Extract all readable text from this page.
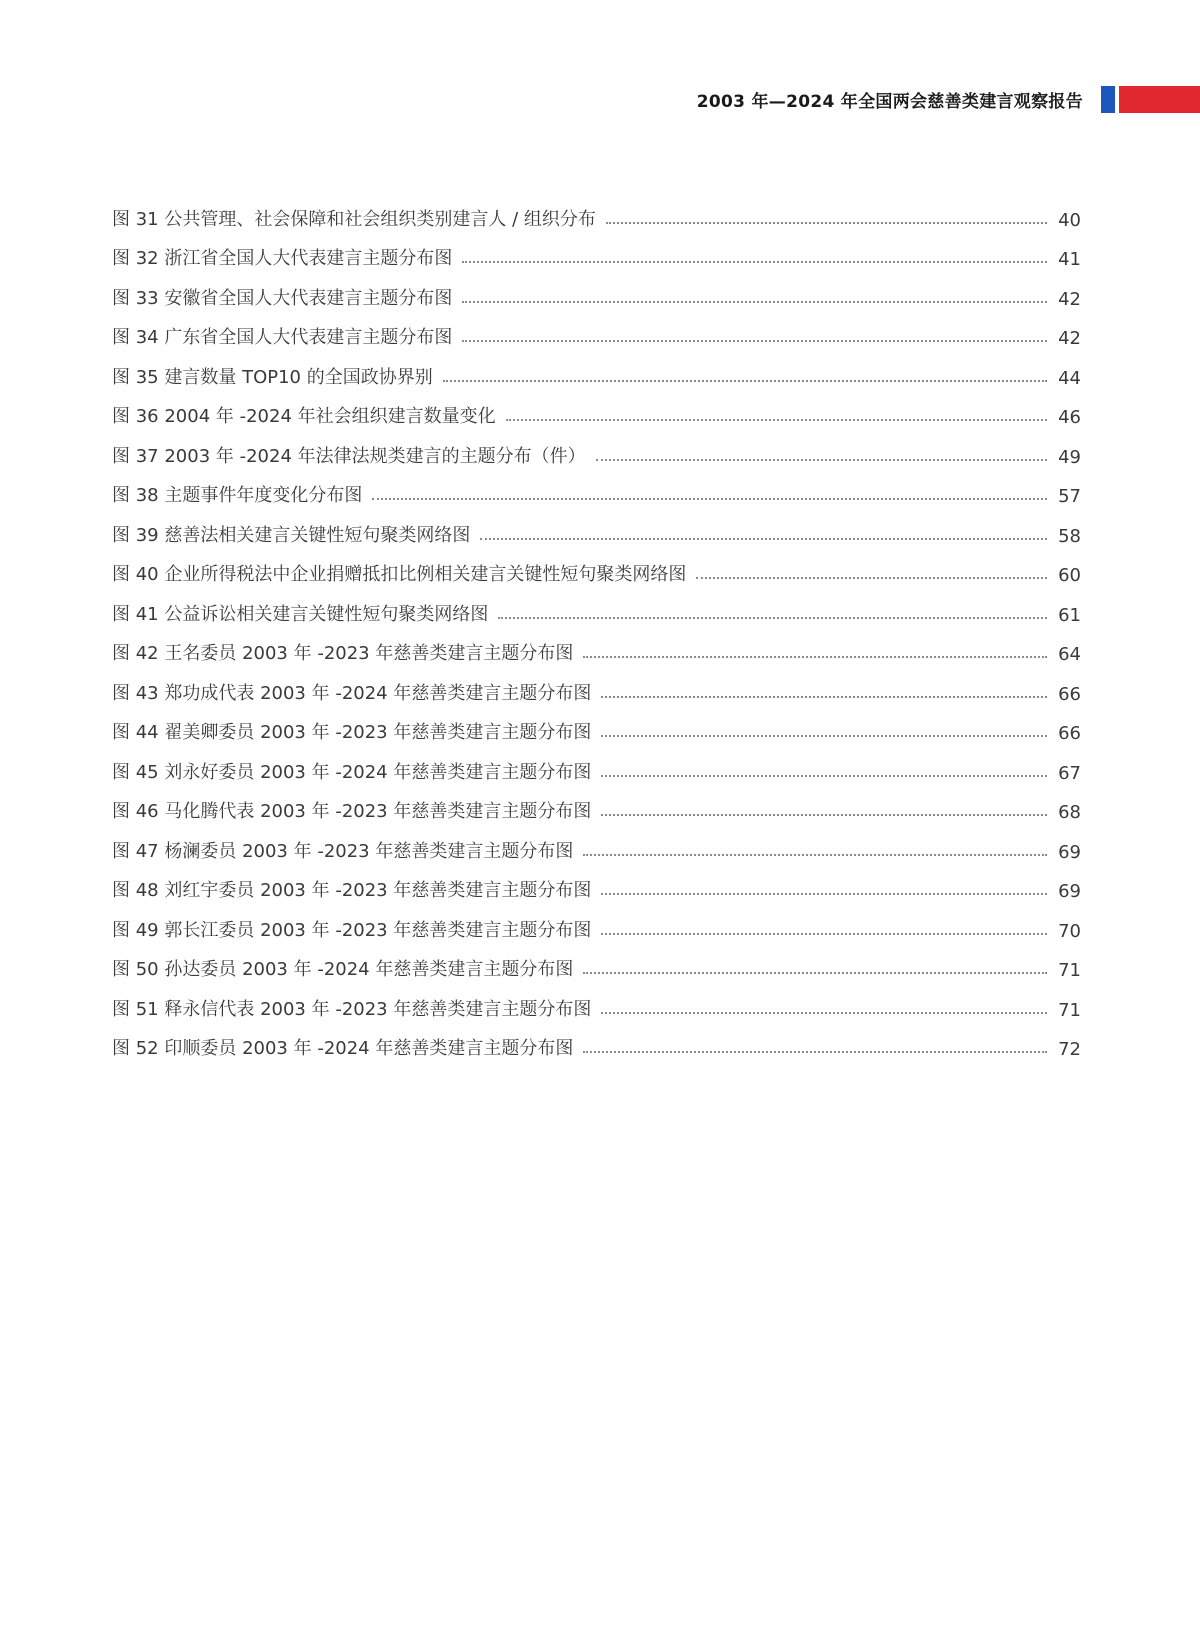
2003 年—2024 年全国两会慈善类建言观察报告
图 31 公共管理、社会保障和社会组织类别建言人 / 组织分布	40
图 32 浙江省全国人大代表建言主题分布图	41
图 33 安徽省全国人大代表建言主题分布图	42
图 34 广东省全国人大代表建言主题分布图	42
图 35 建言数量 TOP10 的全国政协界别	44
图 36 2004 年 -2024 年社会组织建言数量变化	46
图 37 2003 年 -2024 年法律法规类建言的主题分布（件）	49
图 38 主题事件年度变化分布图	57
图 39 慈善法相关建言关键性短句聚类网络图	58
图 40 企业所得税法中企业捐赠抵扣比例相关建言关键性短句聚类网络图	60
图 41 公益诉讼相关建言关键性短句聚类网络图	61
图 42 王名委员 2003 年 -2023 年慈善类建言主题分布图	64
图 43 郑功成代表 2003 年 -2024 年慈善类建言主题分布图	66
图 44 翟美卿委员 2003 年 -2023 年慈善类建言主题分布图	66
图 45 刘永好委员 2003 年 -2024 年慈善类建言主题分布图	67
图 46 马化腾代表 2003 年 -2023 年慈善类建言主题分布图	68
图 47 杨澜委员 2003 年 -2023 年慈善类建言主题分布图	69
图 48 刘红宇委员 2003 年 -2023 年慈善类建言主题分布图	69
图 49 郭长江委员 2003 年 -2023 年慈善类建言主题分布图	70
图 50 孙达委员 2003 年 -2024 年慈善类建言主题分布图	71
图 51 释永信代表 2003 年 -2023 年慈善类建言主题分布图	71
图 52 印顺委员 2003 年 -2024 年慈善类建言主题分布图	72
